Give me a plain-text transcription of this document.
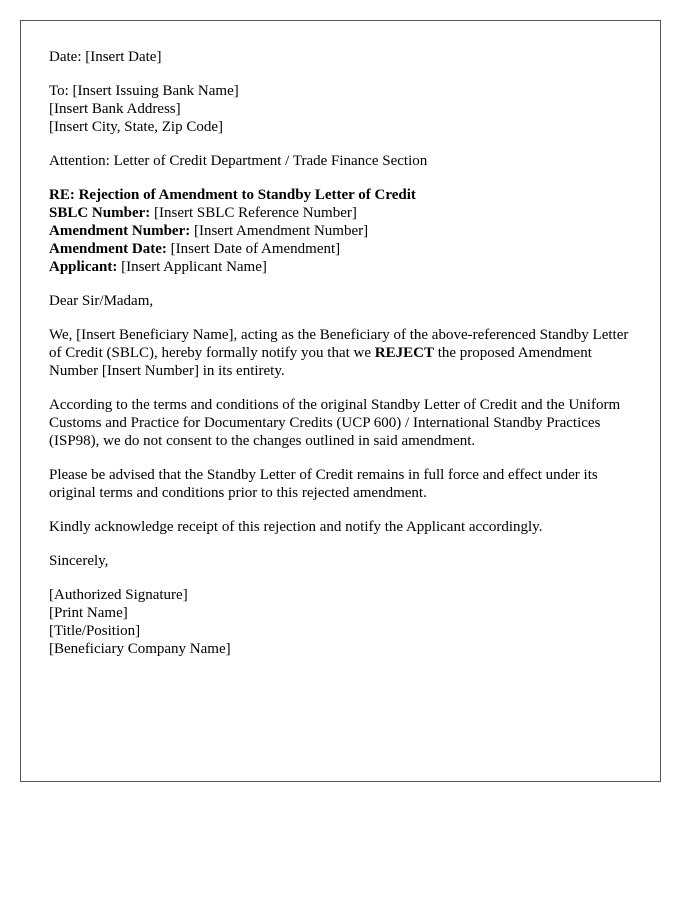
Date: [Insert Date]

To: [Insert Issuing Bank Name]
[Insert Bank Address]
[Insert City, State, Zip Code]

Attention: Letter of Credit Department / Trade Finance Section

RE: Rejection of Amendment to Standby Letter of Credit
SBLC Number: [Insert SBLC Reference Number]
Amendment Number: [Insert Amendment Number]
Amendment Date: [Insert Date of Amendment]
Applicant: [Insert Applicant Name]

Dear Sir/Madam,

We, [Insert Beneficiary Name], acting as the Beneficiary of the above-referenced Standby Letter of Credit (SBLC), hereby formally notify you that we REJECT the proposed Amendment Number [Insert Number] in its entirety.

According to the terms and conditions of the original Standby Letter of Credit and the Uniform Customs and Practice for Documentary Credits (UCP 600) / International Standby Practices (ISP98), we do not consent to the changes outlined in said amendment.

Please be advised that the Standby Letter of Credit remains in full force and effect under its original terms and conditions prior to this rejected amendment.

Kindly acknowledge receipt of this rejection and notify the Applicant accordingly.

Sincerely,

[Authorized Signature]
[Print Name]
[Title/Position]
[Beneficiary Company Name]
